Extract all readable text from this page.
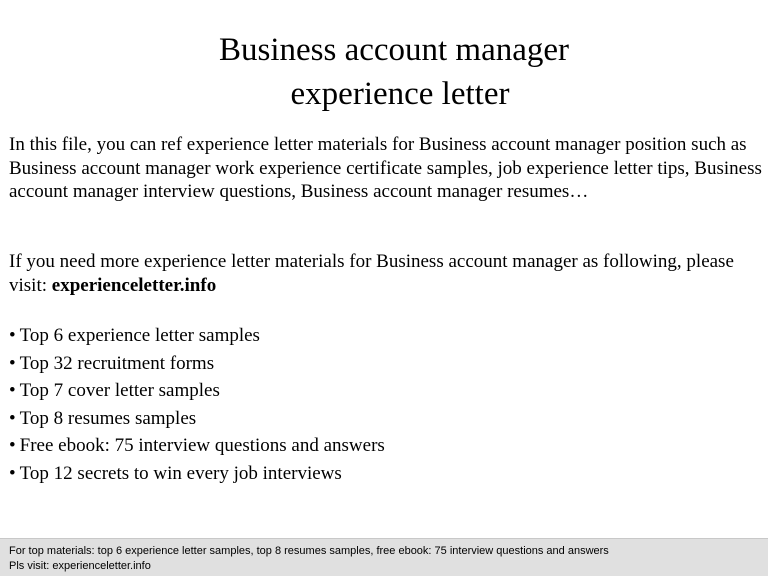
Business account manager
experience letter
In this file, you can ref experience letter materials for Business account manager position such as Business account manager work experience certificate samples, job experience letter tips, Business account manager interview questions, Business account manager resumes…
If you need more experience letter materials for Business account manager as following, please visit: experienceletter.info
• Top 6 experience letter samples
• Top 32 recruitment forms
• Top 7 cover letter samples
• Top 8 resumes samples
• Free ebook: 75 interview questions and answers
• Top 12 secrets to win every job interviews
For top materials: top 6 experience letter samples, top 8 resumes samples, free ebook: 75 interview questions and answers
Pls visit: experienceletter.info
